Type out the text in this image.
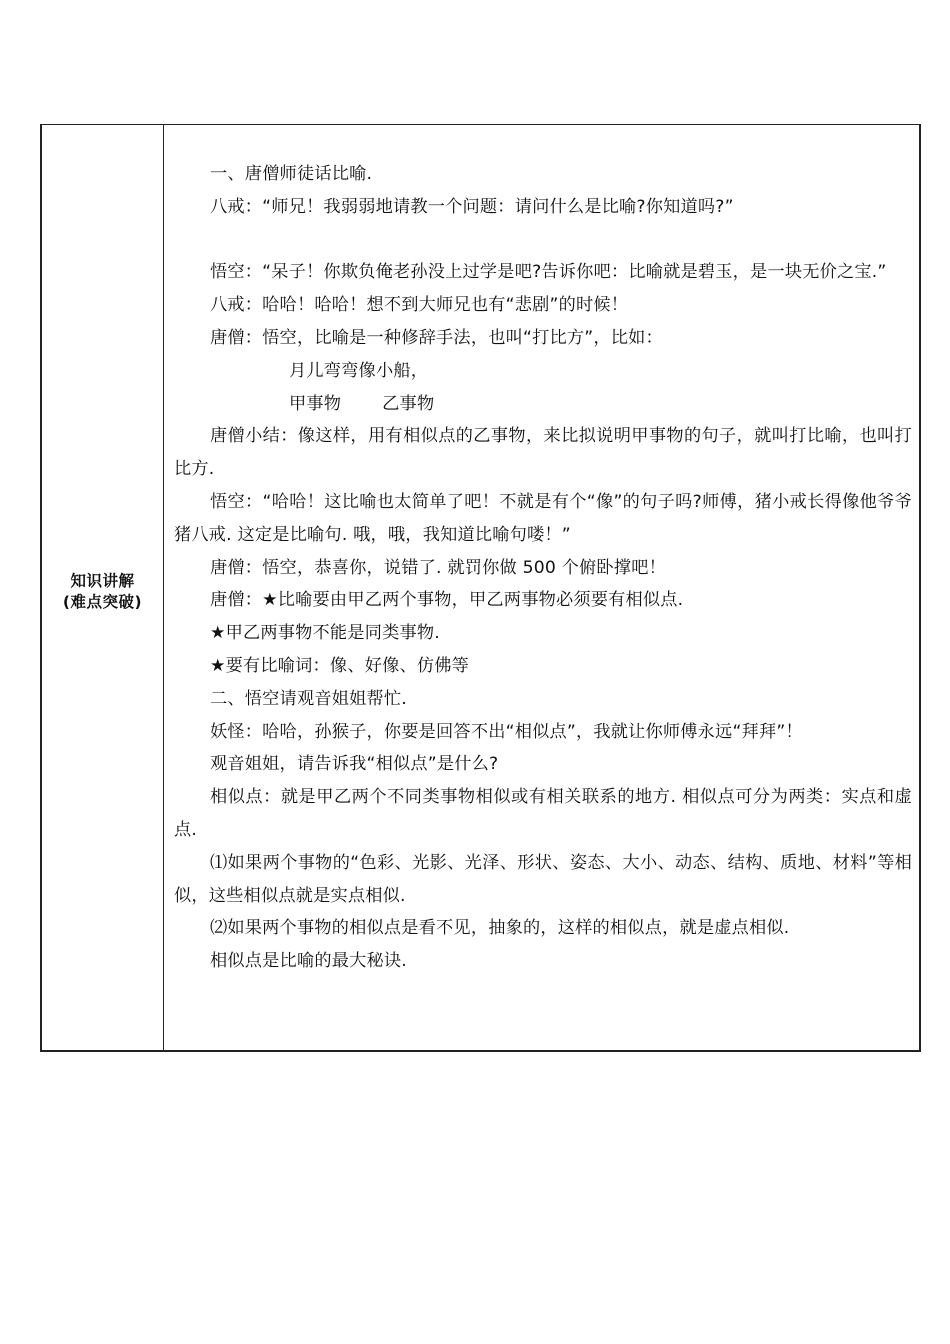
知识讲解
(难点突破)
一、唐僧师徒话比喻.
八戒：“师兄！我弱弱地请教一个问题：请问什么是比喻?你知道吗?”
悟空：“呆子！你欺负俺老孙没上过学是吧?告诉你吧：比喻就是碧玉，是一块无价之宝.”
八戒：哈哈！哈哈！想不到大师兄也有“悲剧”的时候！
唐僧：悟空，比喻是一种修辞手法，也叫“打比方”，比如：
月儿弯弯像小船，
甲事物 乙事物
唐僧小结：像这样，用有相似点的乙事物，来比拟说明甲事物的句子，就叫打比喻，也叫打比方.
悟空：“哈哈！这比喻也太简单了吧！不就是有个“像”的句子吗?师傅，猪小戒长得像他爷爷猪八戒. 这定是比喻句. 哦，哦，我知道比喻句喽！”
唐僧：悟空，恭喜你，说错了. 就罚你做 500 个俯卧撑吧！
唐僧：★比喻要由甲乙两个事物，甲乙两事物必须要有相似点.
★甲乙两事物不能是同类事物.
★要有比喻词：像、好像、仿佛等
二、悟空请观音姐姐帮忙.
妖怪：哈哈，孙猴子，你要是回答不出“相似点”，我就让你师傅永远“拜拜”！
观音姐姐，请告诉我“相似点”是什么?
相似点：就是甲乙两个不同类事物相似或有相关联系的地方. 相似点可分为两类：实点和虚点.
⑴如果两个事物的“色彩、光影、光泽、形状、姿态、大小、动态、结构、质地、材料”等相似，这些相似点就是实点相似.
⑵如果两个事物的相似点是看不见，抽象的，这样的相似点，就是虚点相似.
相似点是比喻的最大秘诀.
